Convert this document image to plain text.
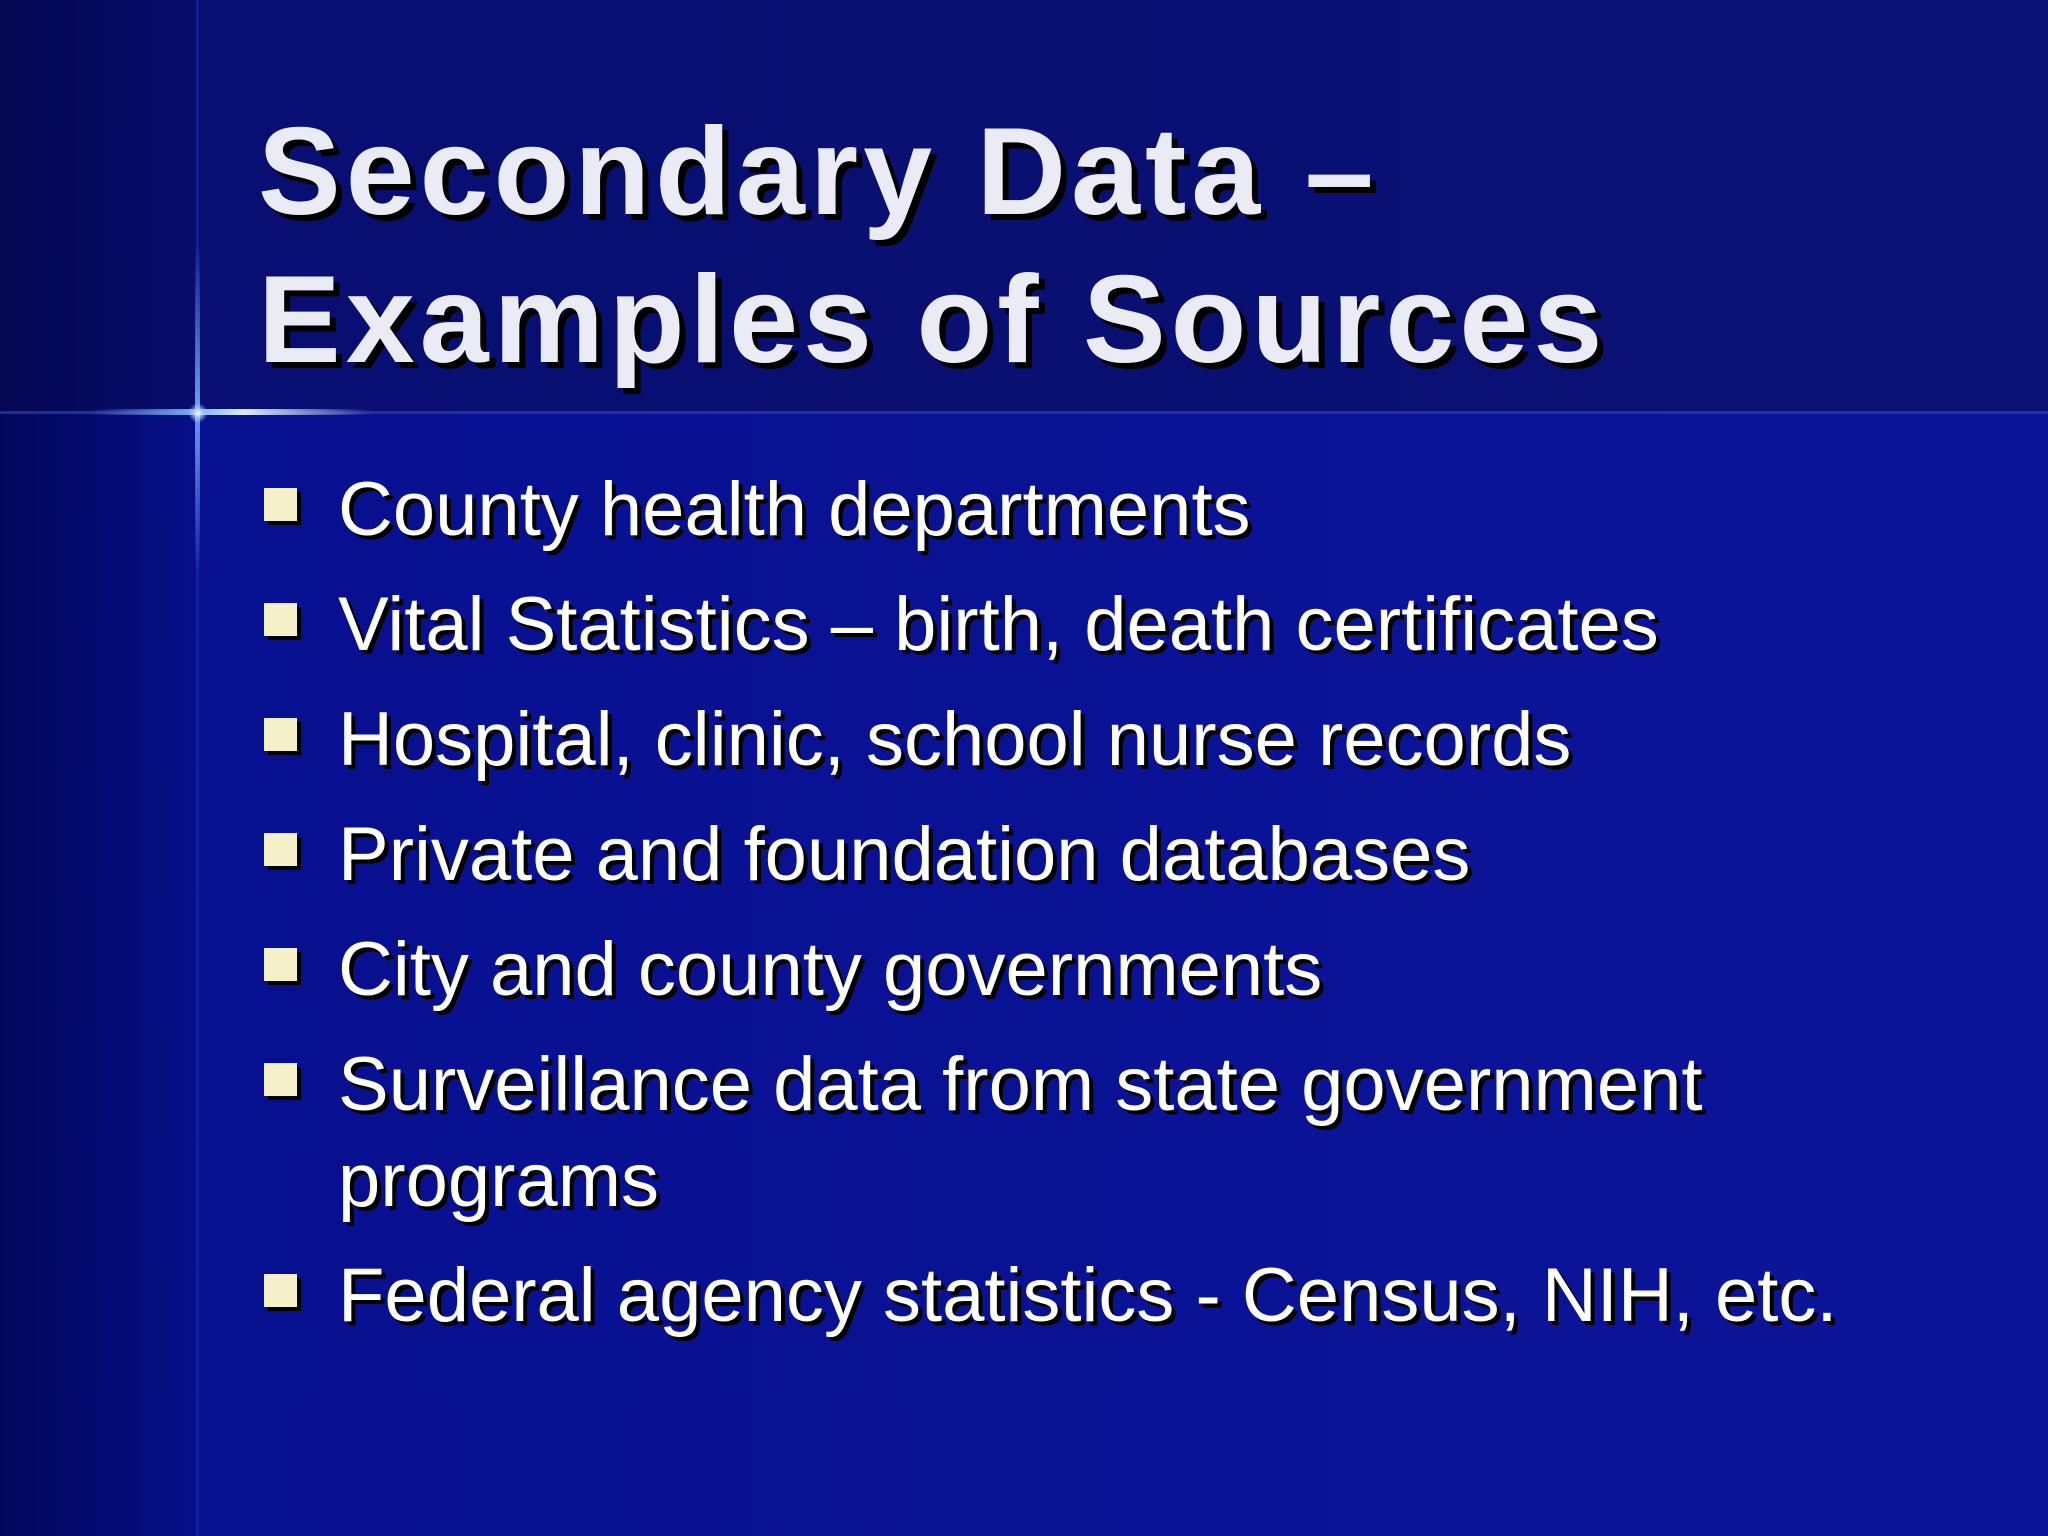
Secondary Data –
Examples of Sources
County health departments
Vital Statistics – birth, death certificates
Hospital, clinic, school nurse records
Private and foundation databases
City and county governments
Surveillance data from state government programs
Federal agency statistics - Census, NIH, etc.
